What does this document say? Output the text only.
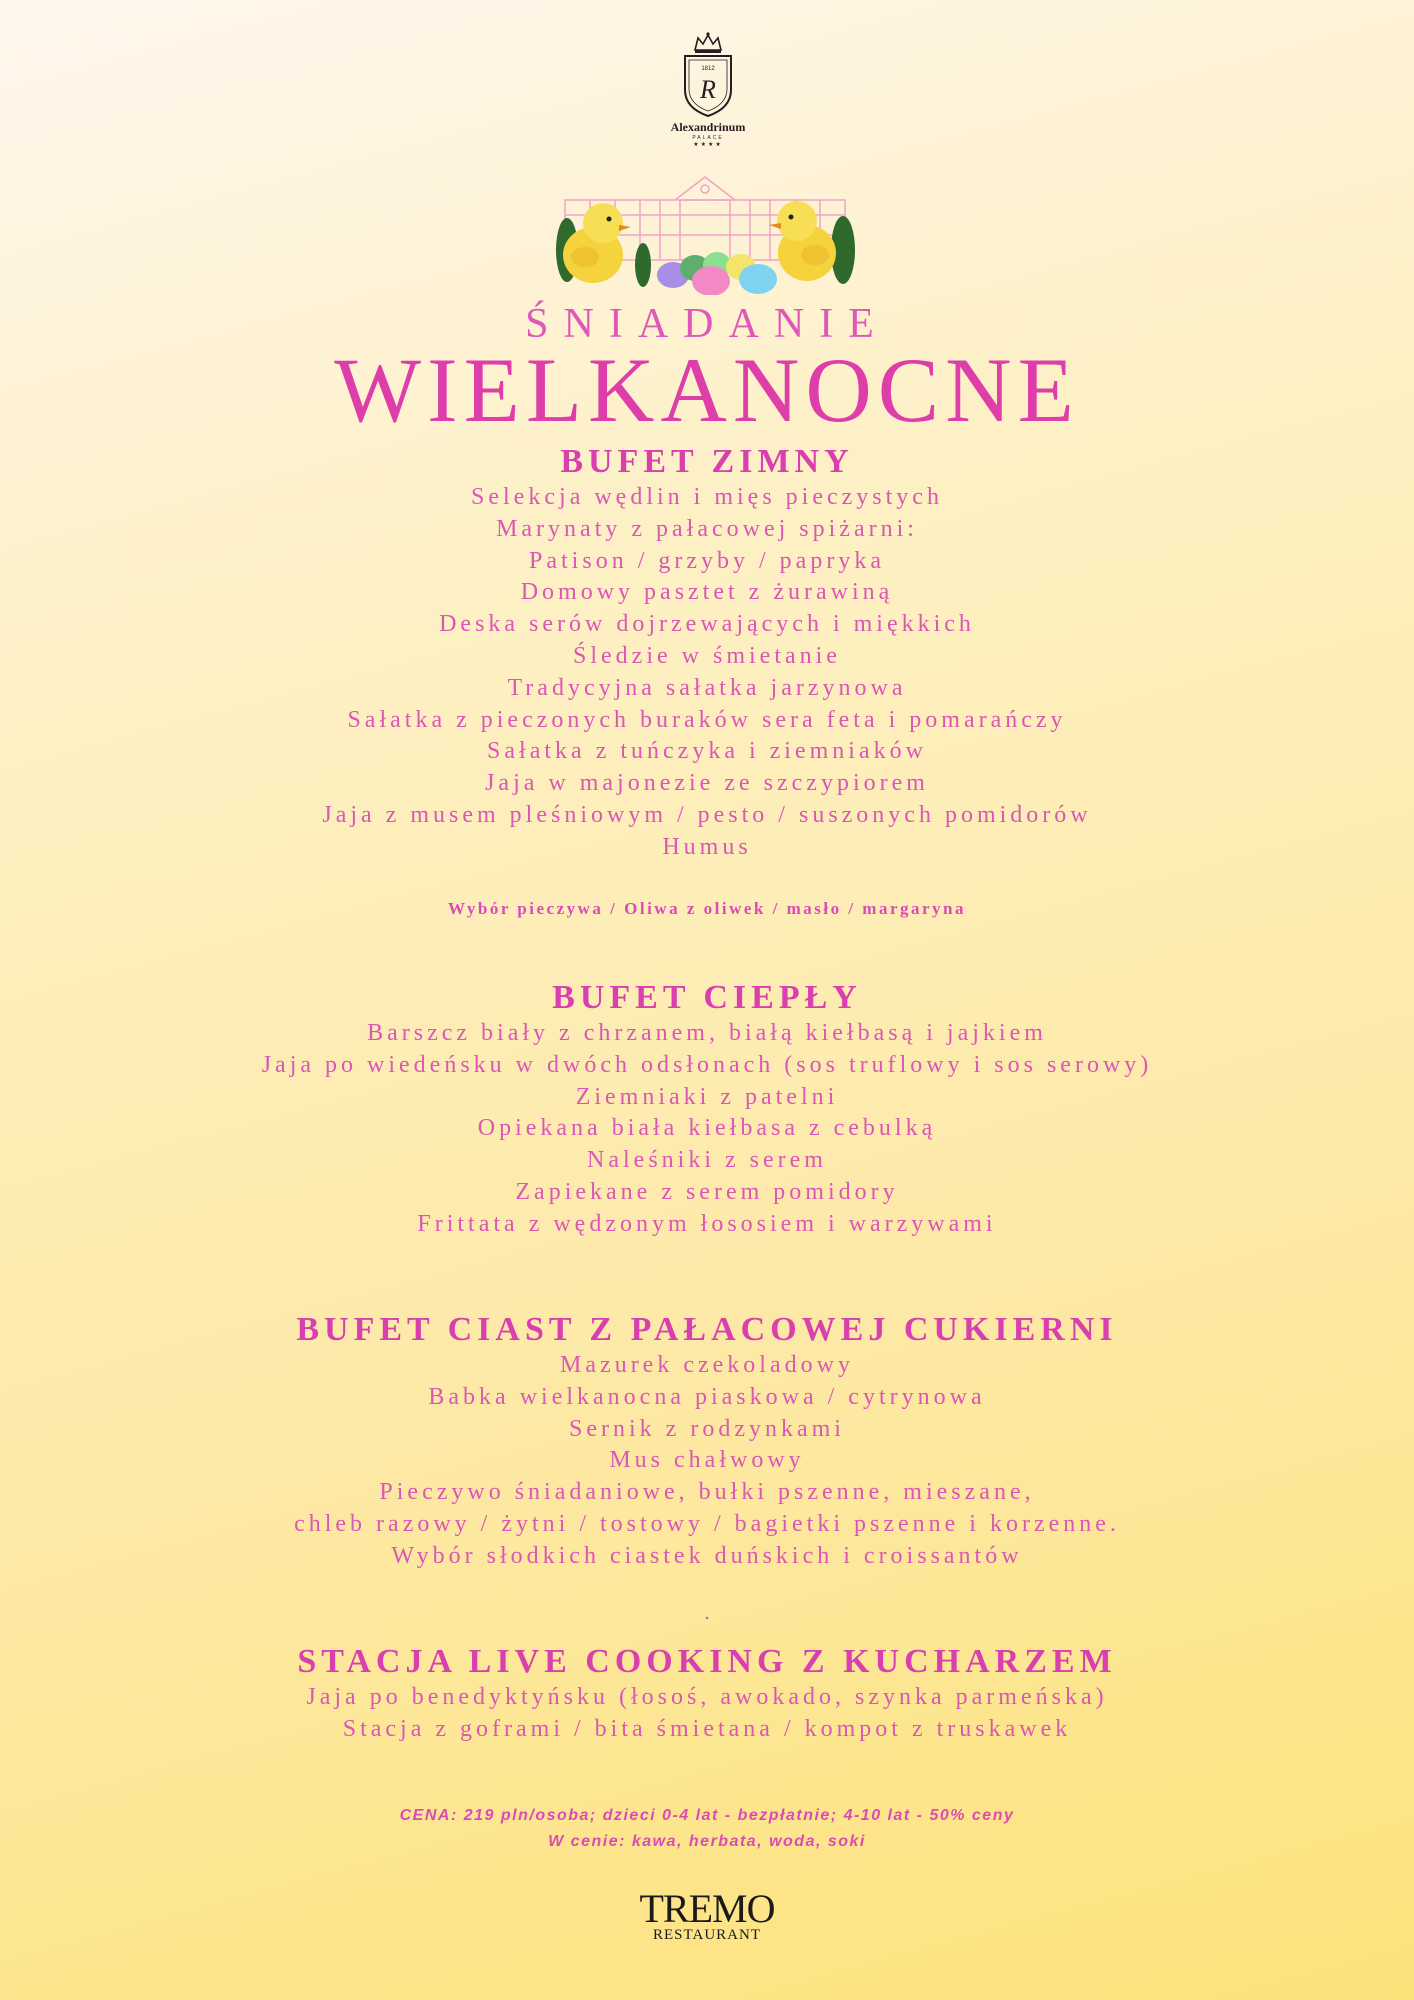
1812
R
Alexandrinum
PALACE
★★★★
ŚNIADANIE
WIELKANOCNE
BUFET ZIMNY
Selekcja wędlin i mięs pieczystych
Marynaty z pałacowej spiżarni:
Patison / grzyby / papryka
Domowy pasztet z żurawiną
Deska serów dojrzewających i miękkich
Śledzie w śmietanie
Tradycyjna sałatka jarzynowa
Sałatka z pieczonych buraków sera feta i pomarańczy
Sałatka z tuńczyka i ziemniaków
Jaja w majonezie ze szczypiorem
Jaja z musem pleśniowym / pesto / suszonych pomidorów
Humus
Wybór pieczywa / Oliwa z oliwek / masło / margaryna
BUFET CIEPŁY
Barszcz biały z chrzanem, białą kiełbasą i jajkiem
Jaja po wiedeńsku w dwóch odsłonach (sos truflowy i sos serowy)
Ziemniaki z patelni
Opiekana biała kiełbasa z cebulką
Naleśniki z serem
Zapiekane z serem pomidory
Frittata z wędzonym łososiem i warzywami
BUFET CIAST Z PAŁACOWEJ CUKIERNI
Mazurek czekoladowy
Babka wielkanocna piaskowa / cytrynowa
Sernik z rodzynkami
Mus chałwowy
Pieczywo śniadaniowe, bułki pszenne, mieszane,
chleb razowy / żytni / tostowy / bagietki pszenne i korzenne.
Wybór słodkich ciastek duńskich i croissantów
.
STACJA LIVE COOKING Z KUCHARZEM
Jaja po benedyktyńsku (łosoś, awokado, szynka parmeńska)
Stacja z goframi / bita śmietana / kompot z truskawek
CENA: 219 pln/osoba; dzieci 0-4 lat - bezpłatnie; 4-10 lat - 50% ceny
W cenie: kawa, herbata, woda, soki
TREMO
RESTAURANT
